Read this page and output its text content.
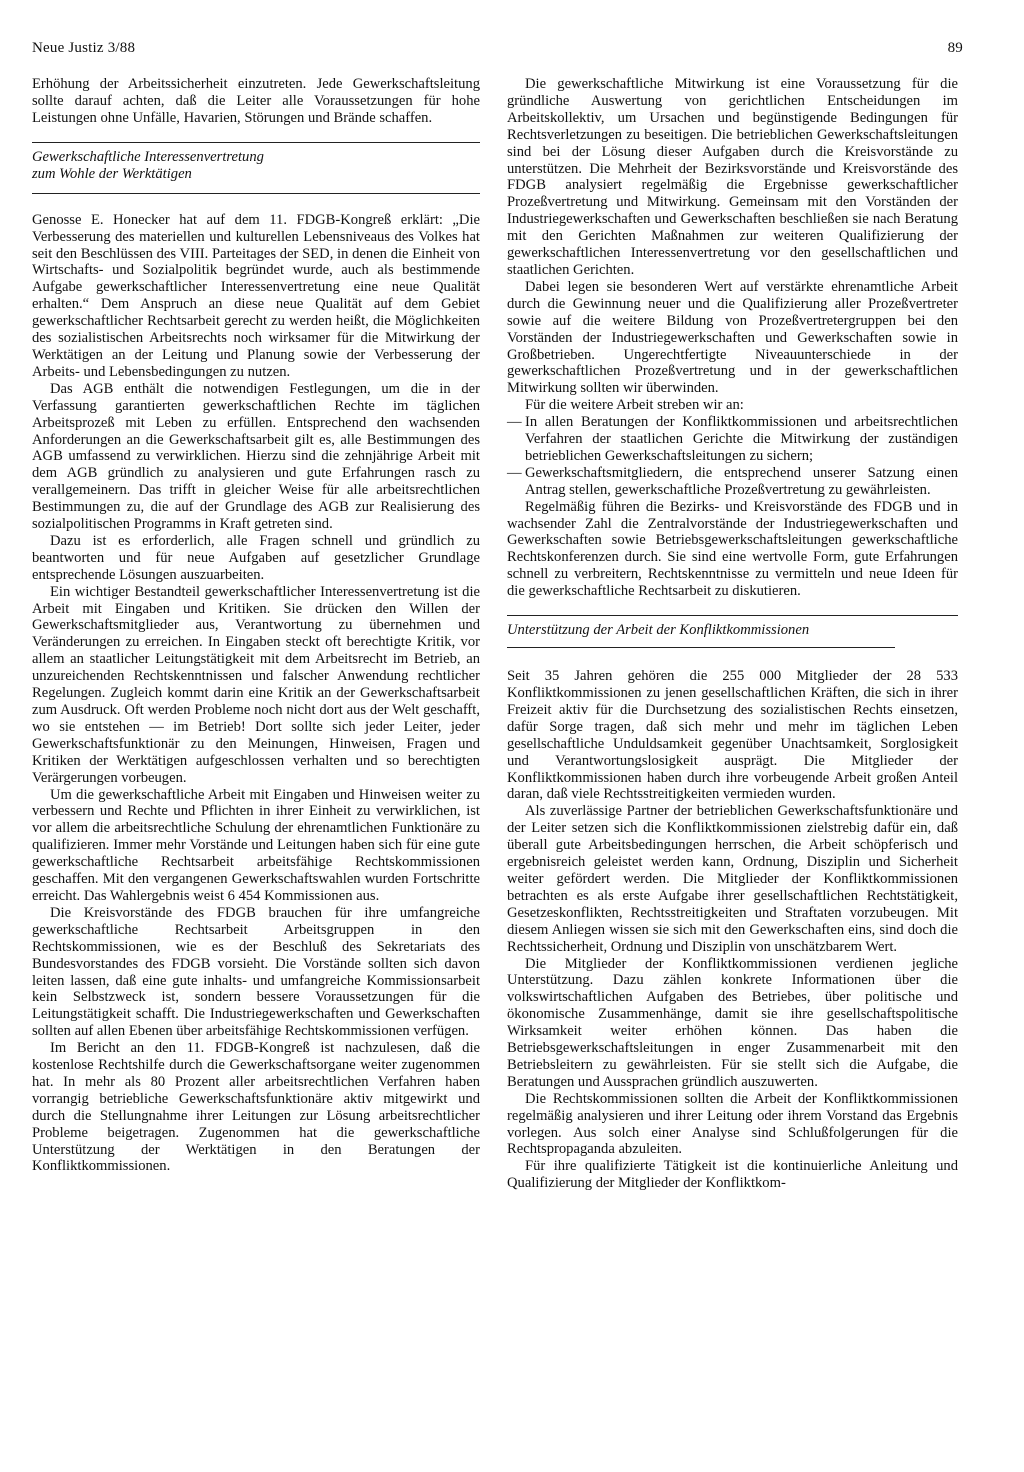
Neue Justiz 3/88	89

Erhöhung der Arbeitssicherheit einzutreten. Jede Gewerkschaftsleitung sollte darauf achten, daß die Leiter alle Voraussetzungen für hohe Leistungen ohne Unfälle, Havarien, Störungen und Brände schaffen.

Gewerkschaftliche Interessenvertretung

zum Wohle der Werktätigen

Genosse E. Honecker hat auf dem 11. FDGB-Kongreß erklärt: „Die Verbesserung des materiellen und kulturellen Lebensniveaus des Volkes hat seit den Beschlüssen des VIII. Parteitages der SED, in denen die Einheit von Wirtschafts- und Sozialpolitik begründet wurde, auch als bestimmende Aufgabe gewerkschaftlicher Interessenvertretung eine neue Qualität erhalten.“ Dem Anspruch an diese neue Qualität auf dem Gebiet gewerkschaftlicher Rechtsarbeit gerecht zu werden heißt, die Möglichkeiten des sozialistischen Arbeitsrechts noch wirksamer für die Mitwirkung der Werktätigen an der Leitung und Planung sowie der Verbesserung der Arbeits- und Lebensbedingungen zu nutzen.

Das AGB enthält die notwendigen Festlegungen, um die in der Verfassung garantierten gewerkschaftlichen Rechte im täglichen Arbeitsprozeß mit Leben zu erfüllen. Entsprechend den wachsenden Anforderungen an die Gewerkschaftsarbeit gilt es, alle Bestimmungen des AGB umfassend zu verwirklichen. Hierzu sind die zehnjährige Arbeit mit dem AGB gründlich zu analysieren und gute Erfahrungen rasch zu verallgemeinern. Das trifft in gleicher Weise für alle arbeitsrechtlichen Bestimmungen zu, die auf der Grundlage des AGB zur Realisierung des sozialpolitischen Programms in Kraft getreten sind.

Dazu ist es erforderlich, alle Fragen schnell und gründlich zu beantworten und für neue Aufgaben auf gesetzlicher Grundlage entsprechende Lösungen auszuarbeiten.

Ein wichtiger Bestandteil gewerkschaftlicher Interessenvertretung ist die Arbeit mit Eingaben und Kritiken. Sie drücken den Willen der Gewerkschaftsmitglieder aus, Verantwortung zu übernehmen und Veränderungen zu erreichen. In Eingaben steckt oft berechtigte Kritik, vor allem an staatlicher Leitungstätigkeit mit dem Arbeitsrecht im Betrieb, an unzureichenden Rechtskenntnissen und falscher Anwendung rechtlicher Regelungen. Zugleich kommt darin eine Kritik an der Gewerkschaftsarbeit zum Ausdruck. Oft werden Probleme noch nicht dort aus der Welt geschafft, wo sie entstehen — im Betrieb! Dort sollte sich jeder Leiter, jeder Gewerkschaftsfunktionär zu den Meinungen, Hinweisen, Fragen und Kritiken der Werktätigen aufgeschlossen verhalten und so berechtigten Verärgerungen vorbeugen.

Um die gewerkschaftliche Arbeit mit Eingaben und Hinweisen weiter zu verbessern und Rechte und Pflichten in ihrer Einheit zu verwirklichen, ist vor allem die arbeitsrechtliche Schulung der ehrenamtlichen Funktionäre zu qualifizieren. Immer mehr Vorstände und Leitungen haben sich für eine gute gewerkschaftliche Rechtsarbeit arbeitsfähige Rechtskommissionen geschaffen. Mit den vergangenen Gewerkschaftswahlen wurden Fortschritte erreicht. Das Wahlergebnis weist 6 454 Kommissionen aus.

Die Kreisvorstände des FDGB brauchen für ihre umfangreiche gewerkschaftliche Rechtsarbeit Arbeitsgruppen in den Rechtskommissionen, wie es der Beschluß des Sekretariats des Bundesvorstandes des FDGB vorsieht. Die Vorstände sollten sich davon leiten lassen, daß eine gute inhalts- und umfangreiche Kommissionsarbeit kein Selbstzweck ist, sondern bessere Voraussetzungen für die Leitungstätigkeit schafft. Die Industriegewerkschaften und Gewerkschaften sollten auf allen Ebenen über arbeitsfähige Rechtskommissionen verfügen.

Im Bericht an den 11. FDGB-Kongreß ist nachzulesen, daß die kostenlose Rechtshilfe durch die Gewerkschaftsorgane weiter zugenommen hat. In mehr als 80 Prozent aller arbeitsrechtlichen Verfahren haben vorrangig betriebliche Gewerkschaftsfunktionäre aktiv mitgewirkt und durch die Stellungnahme ihrer Leitungen zur Lösung arbeitsrechtlicher Probleme beigetragen. Zugenommen hat die gewerkschaftliche Unterstützung der Werktätigen in den Beratungen der Konfliktkommissionen.

Die gewerkschaftliche Mitwirkung ist eine Voraussetzung für die gründliche Auswertung von gerichtlichen Entscheidungen im Arbeitskollektiv, um Ursachen und begünstigende Bedingungen für Rechtsverletzungen zu beseitigen. Die betrieblichen Gewerkschaftsleitungen sind bei der Lösung dieser Aufgaben durch die Kreisvorstände zu unterstützen. Die Mehrheit der Bezirksvorstände und Kreisvorstände des FDGB analysiert regelmäßig die Ergebnisse gewerkschaftlicher Prozeßvertretung und Mitwirkung. Gemeinsam mit den Vorständen der Industriegewerkschaften und Gewerkschaften beschließen sie nach Beratung mit den Gerichten Maßnahmen zur weiteren Qualifizierung der gewerkschaftlichen Interessenvertretung vor den gesellschaftlichen und staatlichen Gerichten.

Dabei legen sie besonderen Wert auf verstärkte ehrenamtliche Arbeit durch die Gewinnung neuer und die Qualifizierung aller Prozeßvertreter sowie auf die weitere Bildung von Prozeßvertretergruppen bei den Vorständen der Industriegewerkschaften und Gewerkschaften sowie in Großbetrieben. Ungerechtfertigte Niveauunterschiede in der gewerkschaftlichen Prozeßvertretung und in der gewerkschaftlichen Mitwirkung sollten wir überwinden.

Für die weitere Arbeit streben wir an:

— In allen Beratungen der Konfliktkommissionen und arbeitsrechtlichen Verfahren der staatlichen Gerichte die Mitwirkung der zuständigen betrieblichen Gewerkschaftsleitungen zu sichern;
— Gewerkschaftsmitgliedern, die entsprechend unserer Satzung einen Antrag stellen, gewerkschaftliche Prozeßvertretung zu gewährleisten.

Regelmäßig führen die Bezirks- und Kreisvorstände des FDGB und in wachsender Zahl die Zentralvorstände der Industriegewerkschaften und Gewerkschaften sowie Betriebsgewerkschaftsleitungen gewerkschaftliche Rechtskonferenzen durch. Sie sind eine wertvolle Form, gute Erfahrungen schnell zu verbreitern, Rechtskenntnisse zu vermitteln und neue Ideen für die gewerkschaftliche Rechtsarbeit zu diskutieren.

Unterstützung der Arbeit der Konfliktkommissionen

Seit 35 Jahren gehören die 255 000 Mitglieder der 28 533 Konfliktkommissionen zu jenen gesellschaftlichen Kräften, die sich in ihrer Freizeit aktiv für die Durchsetzung des sozialistischen Rechts einsetzen, dafür Sorge tragen, daß sich mehr und mehr im täglichen Leben gesellschaftliche Unduldsamkeit gegenüber Unachtsamkeit, Sorglosigkeit und Verantwortungslosigkeit ausprägt. Die Mitglieder der Konfliktkommissionen haben durch ihre vorbeugende Arbeit großen Anteil daran, daß viele Rechtsstreitigkeiten vermieden wurden.

Als zuverlässige Partner der betrieblichen Gewerkschaftsfunktionäre und der Leiter setzen sich die Konfliktkommissionen zielstrebig dafür ein, daß überall gute Arbeitsbedingungen herrschen, die Arbeit schöpferisch und ergebnisreich geleistet werden kann, Ordnung, Disziplin und Sicherheit weiter gefördert werden. Die Mitglieder der Konfliktkommissionen betrachten es als erste Aufgabe ihrer gesellschaftlichen Rechtstätigkeit, Gesetzeskonflikten, Rechtsstreitigkeiten und Straftaten vorzubeugen. Mit diesem Anliegen wissen sie sich mit den Gewerkschaften eins, sind doch die Rechtssicherheit, Ordnung und Disziplin von unschätzbarem Wert.

Die Mitglieder der Konfliktkommissionen verdienen jegliche Unterstützung. Dazu zählen konkrete Informationen über die volkswirtschaftlichen Aufgaben des Betriebes, über politische und ökonomische Zusammenhänge, damit sie ihre gesellschaftspolitische Wirksamkeit weiter erhöhen können. Das haben die Betriebsgewerkschaftsleitungen in enger Zusammenarbeit mit den Betriebsleitern zu gewährleisten. Für sie stellt sich die Aufgabe, die Beratungen und Aussprachen gründlich auszuwerten.

Die Rechtskommissionen sollten die Arbeit der Konfliktkommissionen regelmäßig analysieren und ihrer Leitung oder ihrem Vorstand das Ergebnis vorlegen. Aus solch einer Analyse sind Schlußfolgerungen für die Rechtspropaganda abzuleiten.

Für ihre qualifizierte Tätigkeit ist die kontinuierliche Anleitung und Qualifizierung der Mitglieder der Konfliktkom-
